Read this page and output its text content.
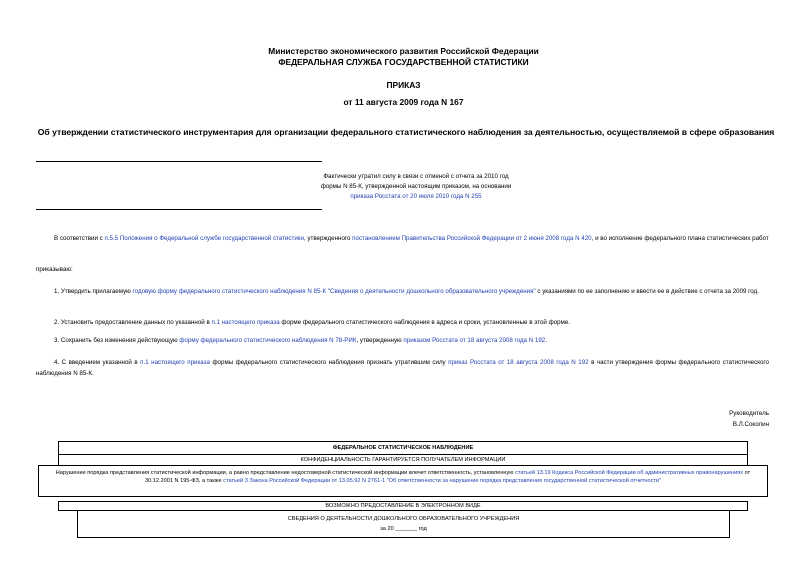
Министерство экономического развития Российской Федерации
ФЕДЕРАЛЬНАЯ СЛУЖБА ГОСУДАРСТВЕННОЙ СТАТИСТИКИ
ПРИКАЗ
от 11 августа 2009 года N 167
Об утверждении статистического инструментария для организации федерального статистического наблюдения за деятельностью, осуществляемой в сфере образования
Фактически утратил силу в связи с отменой с отчета за 2010 год
формы N 85-К, утвержденной настоящим приказом, на основании
приказа Росстата от 20 июля 2010 года N 255
В соответствии с п.5.5 Положения о Федеральной службе государственной статистики, утвержденного постановлением Правительства Российской Федерации от 2 июня 2008 года N 420, и во исполнение федерального плана статистических работ
приказываю:
1. Утвердить прилагаемую годовую форму федерального статистического наблюдения N 85-К "Сведения о деятельности дошкольного образовательного учреждения" с указаниями по ее заполнению и ввести ее в действие с отчета за 2009 год.
2. Установить предоставление данных по указанной в п.1 настоящего приказа форме федерального статистического наблюдения в адреса и сроки, установленные в этой форме.
3. Сохранить без изменения действующую форму федерального статистического наблюдения N 78-РИК, утвержденную приказом Росстата от 18 августа 2008 года N 192.
4. С введением указанной в п.1 настоящего приказа формы федерального статистического наблюдения признать утратившим силу приказ Росстата от 18 августа 2008 года N 192 в части утверждения формы федерального статистического наблюдения N 85-К.
Руководитель
В.Л.Соколин
ФЕДЕРАЛЬНОЕ СТАТИСТИЧЕСКОЕ НАБЛЮДЕНИЕ
КОНФИДЕНЦИАЛЬНОСТЬ ГАРАНТИРУЕТСЯ ПОЛУЧАТЕЛЕМ ИНФОРМАЦИИ
Нарушение порядка представления статистической информации, а равно представление недостоверной статистической информации влечет ответственность, установленную статьей 13.19 Кодекса Российской Федерации об административных правонарушениях от 30.12.2001 N 195-ФЗ, а также статьей 3 Закона Российской Федерации от 13.05.92 N 2761-1 "Об ответственности за нарушение порядка представления государственной статистической отчетности"
ВОЗМОЖНО ПРЕДОСТАВЛЕНИЕ В ЭЛЕКТРОННОМ ВИДЕ
СВЕДЕНИЯ О ДЕЯТЕЛЬНОСТИ ДОШКОЛЬНОГО ОБРАЗОВАТЕЛЬНОГО УЧРЕЖДЕНИЯ
за 20 _______ год
